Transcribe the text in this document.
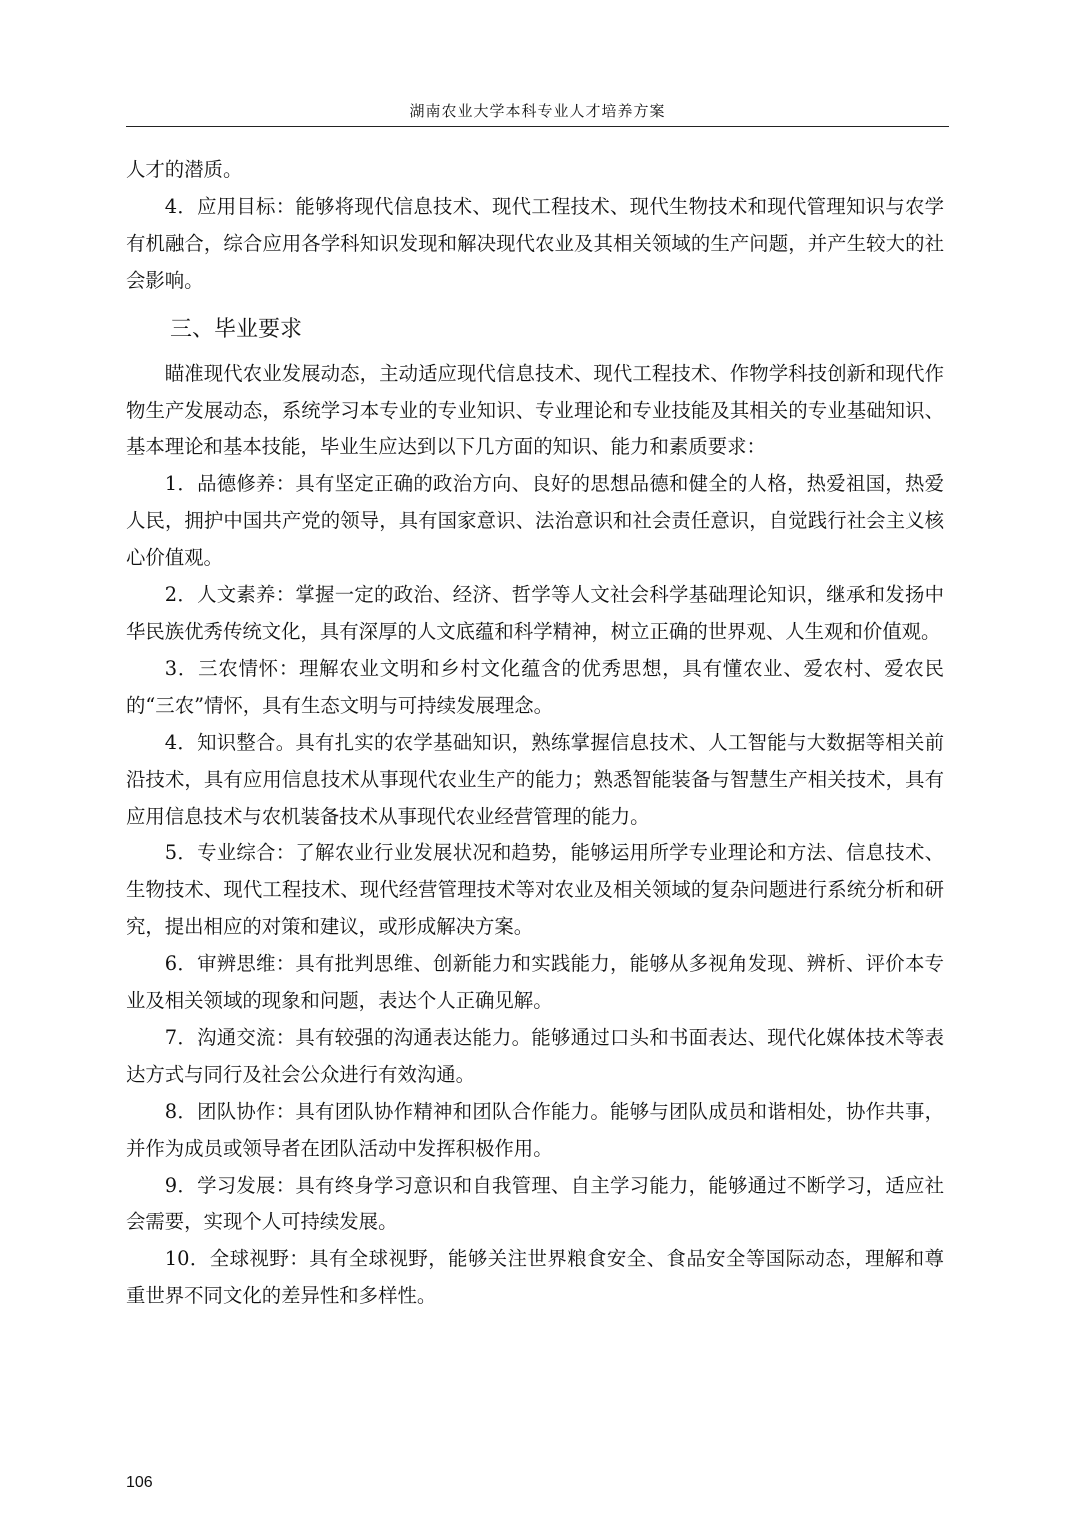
湖南农业大学本科专业人才培养方案

人才的潜质。

4．应用目标：能够将现代信息技术、现代工程技术、现代生物技术和现代管理知识与农学有机融合，综合应用各学科知识发现和解决现代农业及其相关领域的生产问题，并产生较大的社会影响。

三、毕业要求

瞄准现代农业发展动态，主动适应现代信息技术、现代工程技术、作物学科技创新和现代作物生产发展动态，系统学习本专业的专业知识、专业理论和专业技能及其相关的专业基础知识、基本理论和基本技能，毕业生应达到以下几方面的知识、能力和素质要求：

1．品德修养：具有坚定正确的政治方向、良好的思想品德和健全的人格，热爱祖国，热爱人民，拥护中国共产党的领导，具有国家意识、法治意识和社会责任意识，自觉践行社会主义核心价值观。

2．人文素养：掌握一定的政治、经济、哲学等人文社会科学基础理论知识，继承和发扬中华民族优秀传统文化，具有深厚的人文底蕴和科学精神，树立正确的世界观、人生观和价值观。

3．三农情怀：理解农业文明和乡村文化蕴含的优秀思想，具有懂农业、爱农村、爱农民的“三农”情怀，具有生态文明与可持续发展理念。

4．知识整合。具有扎实的农学基础知识，熟练掌握信息技术、人工智能与大数据等相关前沿技术，具有应用信息技术从事现代农业生产的能力；熟悉智能装备与智慧生产相关技术，具有应用信息技术与农机装备技术从事现代农业经营管理的能力。

5．专业综合：了解农业行业发展状况和趋势，能够运用所学专业理论和方法、信息技术、生物技术、现代工程技术、现代经营管理技术等对农业及相关领域的复杂问题进行系统分析和研究，提出相应的对策和建议，或形成解决方案。

6．审辨思维：具有批判思维、创新能力和实践能力，能够从多视角发现、辨析、评价本专业及相关领域的现象和问题，表达个人正确见解。

7．沟通交流：具有较强的沟通表达能力。能够通过口头和书面表达、现代化媒体技术等表达方式与同行及社会公众进行有效沟通。

8．团队协作：具有团队协作精神和团队合作能力。能够与团队成员和谐相处，协作共事，并作为成员或领导者在团队活动中发挥积极作用。

9．学习发展：具有终身学习意识和自我管理、自主学习能力，能够通过不断学习，适应社会需要，实现个人可持续发展。

10．全球视野：具有全球视野，能够关注世界粮食安全、食品安全等国际动态，理解和尊重世界不同文化的差异性和多样性。

106
